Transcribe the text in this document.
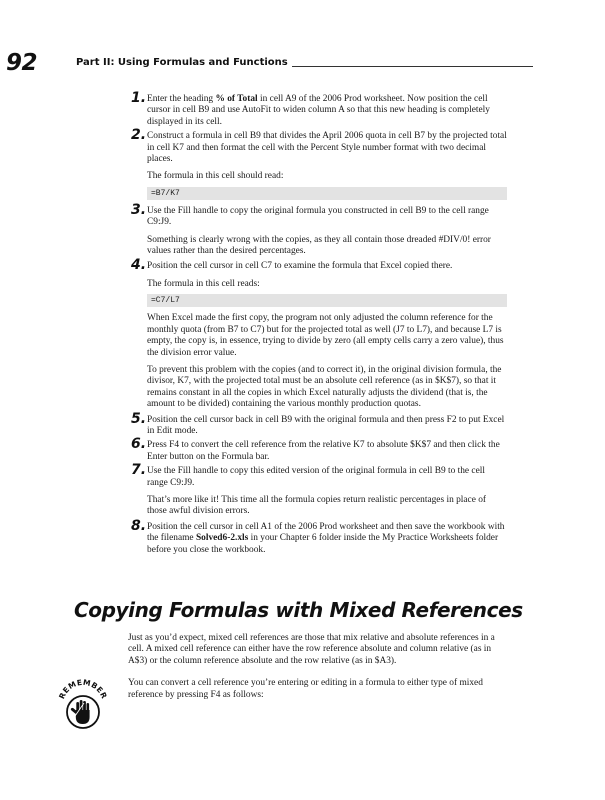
92	Part II: Using Formulas and Functions
1. Enter the heading % of Total in cell A9 of the 2006 Prod worksheet. Now position the cell cursor in cell B9 and use AutoFit to widen column A so that this new heading is completely displayed in its cell.

2. Construct a formula in cell B9 that divides the April 2006 quota in cell B7 by the projected total in cell K7 and then format the cell with the Percent Style number format with two decimal places.

The formula in this cell should read:

=B7/K7
3. Use the Fill handle to copy the original formula you constructed in cell B9 to the cell range C9:J9.

Something is clearly wrong with the copies, as they all contain those dreaded #DIV/0! error values rather than the desired percentages.

4. Position the cell cursor in cell C7 to examine the formula that Excel copied there.

The formula in this cell reads:

=C7/L7

When Excel made the first copy, the program not only adjusted the column reference for the monthly quota (from B7 to C7) but for the projected total as well (J7 to L7), and because L7 is empty, the copy is, in essence, trying to divide by zero (all empty cells carry a zero value), thus the division error value.

To prevent this problem with the copies (and to correct it), in the original division formula, the divisor, K7, with the projected total must be an absolute cell reference (as in $K$7), so that it remains constant in all the copies in which Excel naturally adjusts the dividend (that is, the amount to be divided) containing the various monthly production quotas.

5. Position the cell cursor back in cell B9 with the original formula and then press F2 to put Excel in Edit mode.

6. Press F4 to convert the cell reference from the relative K7 to absolute $K$7 and then click the Enter button on the Formula bar.

7. Use the Fill handle to copy this edited version of the original formula in cell B9 to the cell range C9:J9.

That’s more like it! This time all the formula copies return realistic percentages in place of those awful division errors.

8. Position the cell cursor in cell A1 of the 2006 Prod worksheet and then save the workbook with the filename Solved6-2.xls in your Chapter 6 folder inside the My Practice Worksheets folder before you close the workbook.

Copying Formulas with Mixed References

Just as you’d expect, mixed cell references are those that mix relative and absolute references in a cell. A mixed cell reference can either have the row reference absolute and column relative (as in A$3) or the column reference absolute and the row relative (as in $A3).

You can convert a cell reference you’re entering or editing in a formula to either type of mixed reference by pressing F4 as follows:

REMEMBER
